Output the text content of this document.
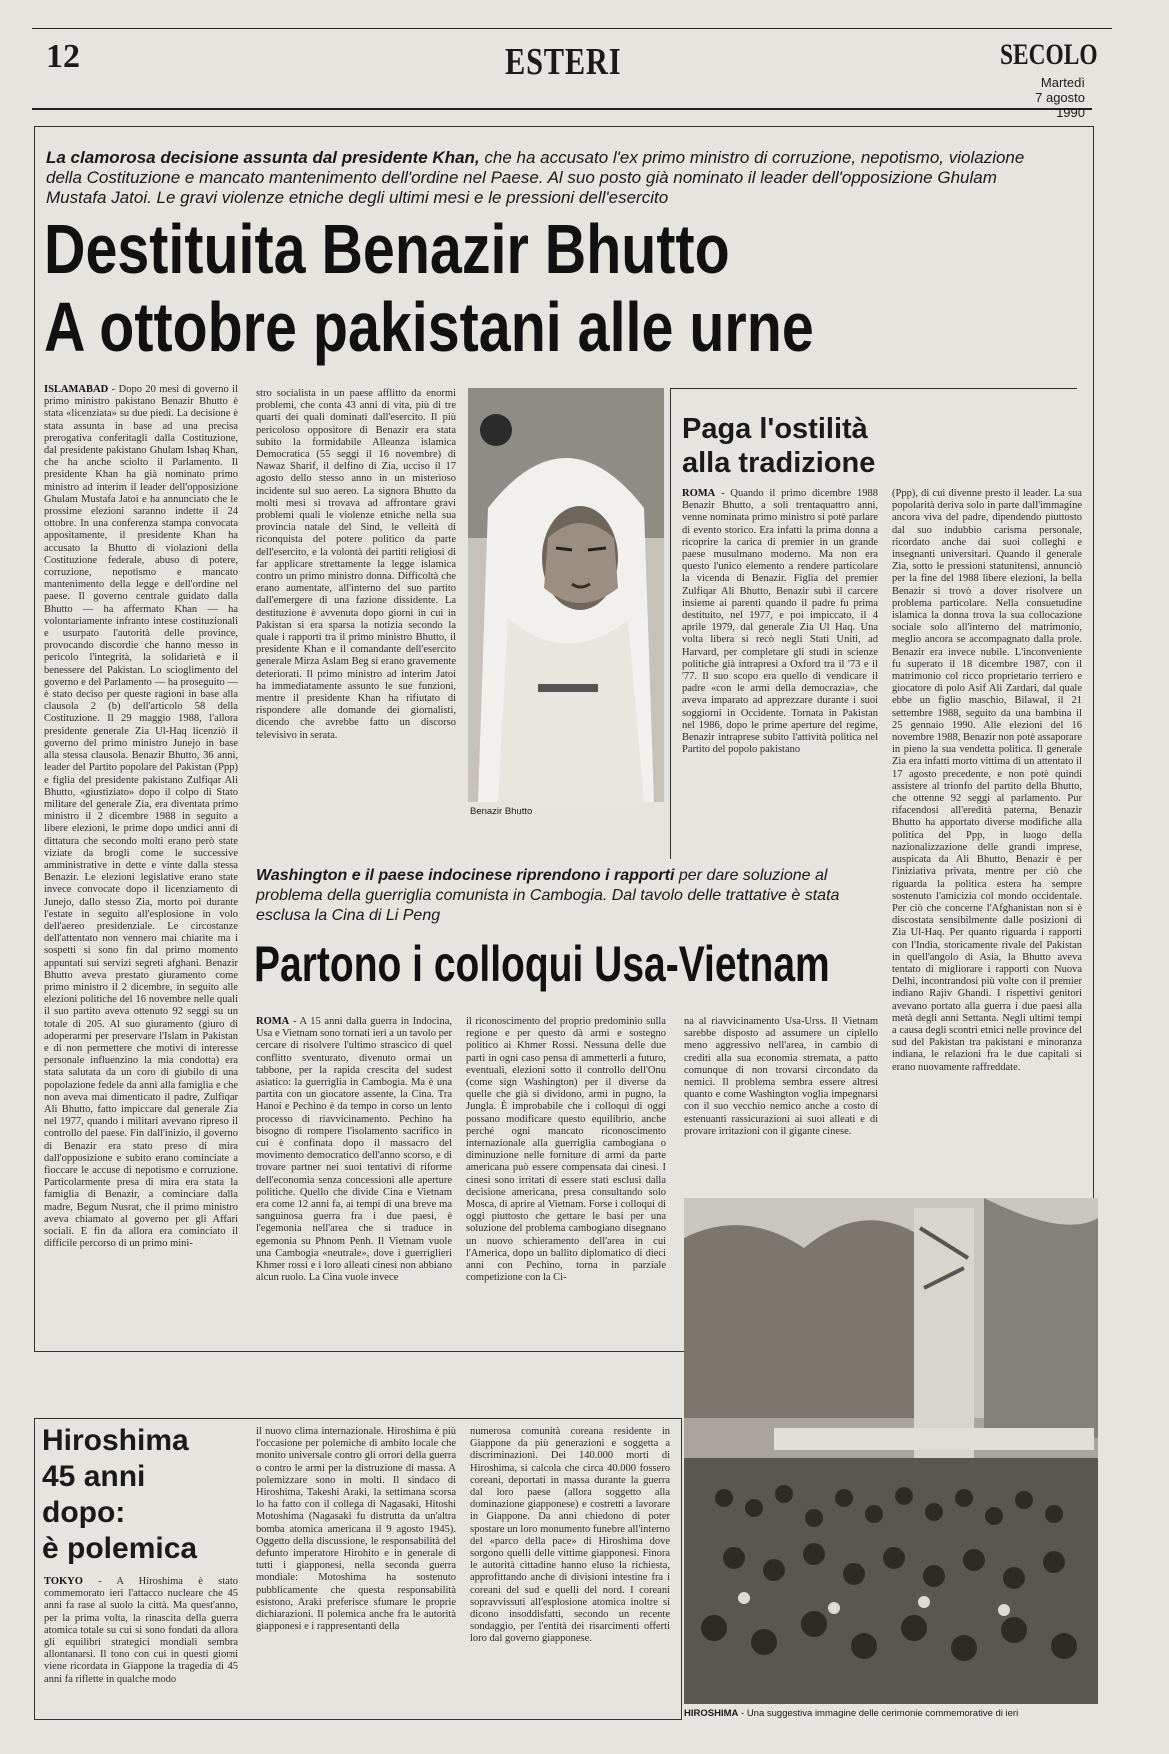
12	ESTERI	SECOLO
Martedì
7 agosto 1990
La clamorosa decisione assunta dal presidente Khan, che ha accusato l'ex primo ministro di corruzione, nepotismo, violazione della Costituzione e mancato mantenimento dell'ordine nel Paese. Al suo posto già nominato il leader dell'opposizione Ghulam Mustafa Jatoi. Le gravi violenze etniche degli ultimi mesi e le pressioni dell'esercito
Destituita Benazir Bhutto
A ottobre pakistani alle urne
ISLAMABAD - Dopo 20 mesi di governo il primo ministro pakistano Benazir Bhutto è stata «licenziata» su due piedi. La decisione è stata assunta in base ad una precisa prerogativa conferitagli dalla Costituzione, dal presidente pakistano Ghulam Ishaq Khan, che ha anche sciolto il Parlamento. Il presidente Khan ha già nominato primo ministro ad interim il leader dell'opposizione Ghulam Mustafa Jatoi e ha annunciato che le prossime elezioni saranno indette il 24 ottobre. In una conferenza stampa convocata appositamente, il presidente Khan ha accusato la Bhutto di violazioni della Costituzione federale, abuso di potere, corruzione, nepotismo e mancato mantenimento della legge e dell'ordine nel paese. Il governo centrale guidato dalla Bhutto — ha affermato Khan — ha volontariamente infranto intese costituzionali e usurpato l'autorità delle province, provocando discordie che hanno messo in pericolo l'integrità, la solidarietà e il benessere del Pakistan. Lo scioglimento del governo e del Parlamento — ha proseguito — è stato deciso per queste ragioni in base alla clausola 2 (b) dell'articolo 58 della Costituzione. Il 29 maggio 1988, l'allora presidente generale Zia Ul-Haq licenziò il governo del primo ministro Junejo in base alla stessa clausola. Benazir Bhutto, 36 anni, leader del Partito popolare del Pakistan (Ppp) e figlia del presidente pakistano Zulfiqar Ali Bhutto, «giustiziato» dopo il colpo di Stato militare del generale Zia, era diventata primo ministro il 2 dicembre 1988 in seguito a libere elezioni, le prime dopo undici anni di dittatura che secondo molti erano però state viziate da brogli come le successive amministrative in dette e vinte dalla stessa Benazir. Le elezioni legislative erano state invece convocate dopo il licenziamento di Junejo, dallo stesso Zia, morto poi durante l'estate in seguito all'esplosione in volo dell'aereo presidenziale. Le circostanze dell'attentato non vennero mai chiarite ma i sospetti si sono fin dal primo momento appuntati sui servizi segreti afghani. Benazir Bhutto aveva prestato giuramento come primo ministro il 2 dicembre, in seguito alle elezioni politiche del 16 novembre nelle quali il suo partito aveva ottenuto 92 seggi su un totale di 205. Al suo giuramento (giuro di adoperarmi per preservare l'Islam in Pakistan e di non permettere che motivi di interesse personale influenzino la mia condotta) era stata salutata da un coro di giubilo di una popolazione fedele da anni alla famiglia e che non aveva mai dimenticato il padre, Zulfiqar Ali Bhutto, fatto impiccare dal generale Zia nel 1977, quando i militari avevano ripreso il controllo del paese. Fin dall'inizio, il governo di Benazir era stato preso di mira dall'opposizione e subito erano cominciate a fioccare le accuse di nepotismo e corruzione. Particolarmente presa di mira era stata la famiglia di Benazir, a cominciare dalla madre, Begum Nusrat, che il primo ministro aveva chiamato al governo per gli Affari sociali. E fin da allora era cominciato il difficile percorso di un primo mini-
stro socialista in un paese afflitto da enormi problemi, che conta 43 anni di vita, più di tre quarti dei quali dominati dall'esercito. Il più pericoloso oppositore di Benazir era stata subito la formidabile Alleanza islamica Democratica (55 seggi il 16 novembre) di Nawaz Sharif, il delfino di Zia, ucciso il 17 agosto dello stesso anno in un misterioso incidente sul suo aereo. La signora Bhutto da molti mesi si trovava ad affrontare gravi problemi quali le violenze etniche nella sua provincia natale del Sind, le velleità di riconquista del potere politico da parte dell'esercito, e la volontà dei partiti religiosi di far applicare strettamente la legge islamica contro un primo ministro donna. Difficoltà che erano aumentate, all'interno del suo partito dall'emergere di una fazione dissidente. La destituzione è avvenuta dopo giorni in cui in Pakistan si era sparsa la notizia secondo la quale i rapporti tra il primo ministro Bhutto, il presidente Khan e il comandante dell'esercito generale Mirza Aslam Beg si erano gravemente deteriorati. Il primo ministro ad interim Jatoi ha immediatamente assunto le sue funzioni, mentre il presidente Khan ha rifiutato di rispondere alle domande dei giornalisti, dicendo che avrebbe fatto un discorso televisivo in serata.
Benazir Bhutto
Paga l'ostilità
alla tradizione
ROMA - Quando il primo dicembre 1988 Benazir Bhutto, a soli trentaquattro anni, venne nominata primo ministro si potè parlare di evento storico. Era infatti la prima donna a ricoprire la carica di premier in un grande paese musulmano moderno. Ma non era questo l'unico elemento a rendere particolare la vicenda di Benazir. Figlia del premier Zulfiqar Ali Bhutto, Benazir subì il carcere insieme ai parenti quando il padre fu prima destituito, nel 1977, e poi impiccato, il 4 aprile 1979, dal generale Zia Ul Haq. Una volta libera si recò negli Stati Uniti, ad Harvard, per completare gli studi in scienze politiche già intrapresi a Oxford tra il '73 e il '77. Il suo scopo era quello di vendicare il padre «con le armi della democrazia», che aveva imparato ad apprezzare durante i suoi soggiorni in Occidente. Tornata in Pakistan nel 1986, dopo le prime aperture del regime, Benazir intraprese subito l'attività politica nel Partito del popolo pakistano
(Ppp), di cui divenne presto il leader. La sua popolarità deriva solo in parte dall'immagine ancora viva del padre, dipendendo piuttosto dal suo indubbio carisma personale, ricordato anche dai suoi colleghi e insegnanti universitari. Quando il generale Zia, sotto le pressioni statunitensi, annunciò per la fine del 1988 libere elezioni, la bella Benazir si trovò a dover risolvere un problema particolare. Nella consuetudine islamica la donna trova la sua collocazione sociale solo all'interno del matrimonio, meglio ancora se accompagnato dalla prole. Benazir era invece nubile. L'inconveniente fu superato il 18 dicembre 1987, con il matrimonio col ricco proprietario terriero e giocatore di polo Asif Ali Zardari, dal quale ebbe un figlio maschio, Bilawal, il 21 settembre 1988, seguito da una bambina il 25 gennaio 1990. Alle elezioni del 16 novembre 1988, Benazir non potè assaporare in pieno la sua vendetta politica. Il generale Zia era infatti morto vittima di un attentato il 17 agosto precedente, e non potè quindi assistere al trionfo del partito della Bhutto, che ottenne 92 seggi al parlamento. Pur rifacendosi all'eredità paterna, Benazir Bhutto ha apportato diverse modifiche alla politica del Ppp, in luogo della nazionalizzazione delle grandi imprese, auspicata da Ali Bhutto, Benazir è per l'iniziativa privata, mentre per ciò che riguarda la politica estera ha sempre sostenuto l'amicizia col mondo occidentale. Per ciò che concerne l'Afghanistan non si è discostata sensibilmente dalle posizioni di Zia Ul-Haq. Per quanto riguarda i rapporti con l'India, storicamente rivale del Pakistan in quell'angolo di Asia, la Bhutto aveva tentato di migliorare i rapporti con Nuova Delhi, incontrandosi più volte con il premier indiano Rajiv Ghandi. I rispettivi genitori avevano portato alla guerra i due paesi alla metà degli anni Settanta. Negli ultimi tempi a causa degli scontri etnici nelle province del sud del Pakistan tra pakistani e minoranza indiana, le relazioni fra le due capitali si erano nuovamente raffreddate.
Washington e il paese indocinese riprendono i rapporti per dare soluzione al problema della guerriglia comunista in Cambogia. Dal tavolo delle trattative è stata esclusa la Cina di Li Peng
Partono i colloqui Usa-Vietnam
ROMA - A 15 anni dalla guerra in Indocina, Usa e Vietnam sono tornati ieri a un tavolo per cercare di risolvere l'ultimo strascico di quel conflitto sventurato, divenuto ormai un tabbone, per la rapida crescita del sudest asiatico: la guerriglia in Cambogia. Ma è una partita con un giocatore assente, la Cina. Tra Hanoi e Pechino è da tempo in corso un lento processo di riavvicinamento. Pechino ha bisogno di rompere l'isolamento sacrifico in cui è confinata dopo il massacro del movimento democratico dell'anno scorso, e di trovare partner nei suoi tentativi di riforme dell'economia senza concessioni alle aperture politiche. Quello che divide Cina e Vietnam era come 12 anni fa, ai tempi di una breve ma sanguinosa guerra fra i due paesi, è l'egemonia nell'area che si traduce in egemonia su Phnom Penh. Il Vietnam vuole una Cambogia «neutrale», dove i guerriglieri Khmer rossi e i loro alleati cinesi non abbiano alcun ruolo. La Cina vuole invece
il riconoscimento del proprio predominio sulla regione e per questo dà armi e sostegno politico ai Khmer Rossi. Nessuna delle due parti in ogni caso pensa di ammetterli a futuro, eventuali, elezioni sotto il controllo dell'Onu (come sign Washington) per il diverse da quelle che già si dividono, armi in pugno, la Jungla. È improbabile che i colloqui di oggi possano modificare questo equilibrio, anche perché ogni mancato riconoscimento internazionale alla guerriglia cambogiana o diminuzione nelle forniture di armi da parte americana può essere compensata dai cinesi. I cinesi sono irritati di essere stati esclusi dalla decisione americana, presa consultando solo Mosca, di aprire al Vietnam. Forse i colloqui di oggi piuttosto che gettare le basi per una soluzione del problema cambogiano disegnano un nuovo schieramento dell'area in cui l'America, dopo un ballito diplomatico di dieci anni con Pechino, torna in parziale competizione con la Ci-
na al riavvicinamento Usa-Urss. Il Vietnam sarebbe disposto ad assumere un ciplello meno aggressivo nell'area, in cambio di crediti alla sua economia stremata, a patto comunque di non trovarsi circondato da nemici. Il problema sembra essere altresì quanto e come Washington voglia impegnarsi con il suo vecchio nemico anche a costo di estenuanti rassicurazioni ai suoi alleati e di provare irritazioni con il gigante cinese.
HIROSHIMA - Una suggestiva immagine delle cerimonie commemorative di ieri
Hiroshima
45 anni
dopo:
è polemica
TOKYO - A Hiroshima è stato commemorato ieri l'attacco nucleare che 45 anni fa rase al suolo la città. Ma quest'anno, per la prima volta, la rinascita della guerra atomica totale su cui si sono fondati da allora gli equilibri strategici mondiali sembra allontanarsi. Il tono con cui in questi giorni viene ricordata in Giappone la tragedia di 45 anni fa riflette in qualche modo
il nuovo clima internazionale. Hiroshima è più l'occasione per polemiche di ambito locale che monito universale contro gli orrori della guerra o contro le armi per la distruzione di massa. A polemizzare sono in molti. Il sindaco di Hiroshima, Takeshi Araki, la settimana scorsa lo ha fatto con il collega di Nagasaki, Hitoshi Motoshima (Nagasaki fu distrutta da un'altra bomba atomica americana il 9 agosto 1945). Oggetto della discussione, le responsabilità del defunto imperatore Hirohito e in generale di tutti i giapponesi, nella seconda guerra mondiale: Motoshima ha sostenuto pubblicamente che questa responsabilità esistono, Araki preferisce sfumare le proprie dichiarazioni. Il polemica anche fra le autorità giapponesi e i rappresentanti della
numerosa comunità coreana residente in Giappone da più generazioni e soggetta a discriminazioni. Dei 140.000 morti di Hiroshima, si calcola che circa 40.000 fossero coreani, deportati in massa durante la guerra dal loro paese (allora soggetto alla dominazione giapponese) e costretti a lavorare in Giappone. Da anni chiedono di poter spostare un loro monumento funebre all'interno del «parco della pace» di Hiroshima dove sorgono quelli delle vittime giapponesi. Finora le autorità cittadine hanno eluso la richiesta, approfittando anche di divisioni intestine fra i coreani del sud e quelli del nord. I coreani sopravvissuti all'esplosione atomica inoltre si dicono insoddisfatti, secondo un recente sondaggio, per l'entità dei risarcimenti offerti loro dal governo giapponese.
